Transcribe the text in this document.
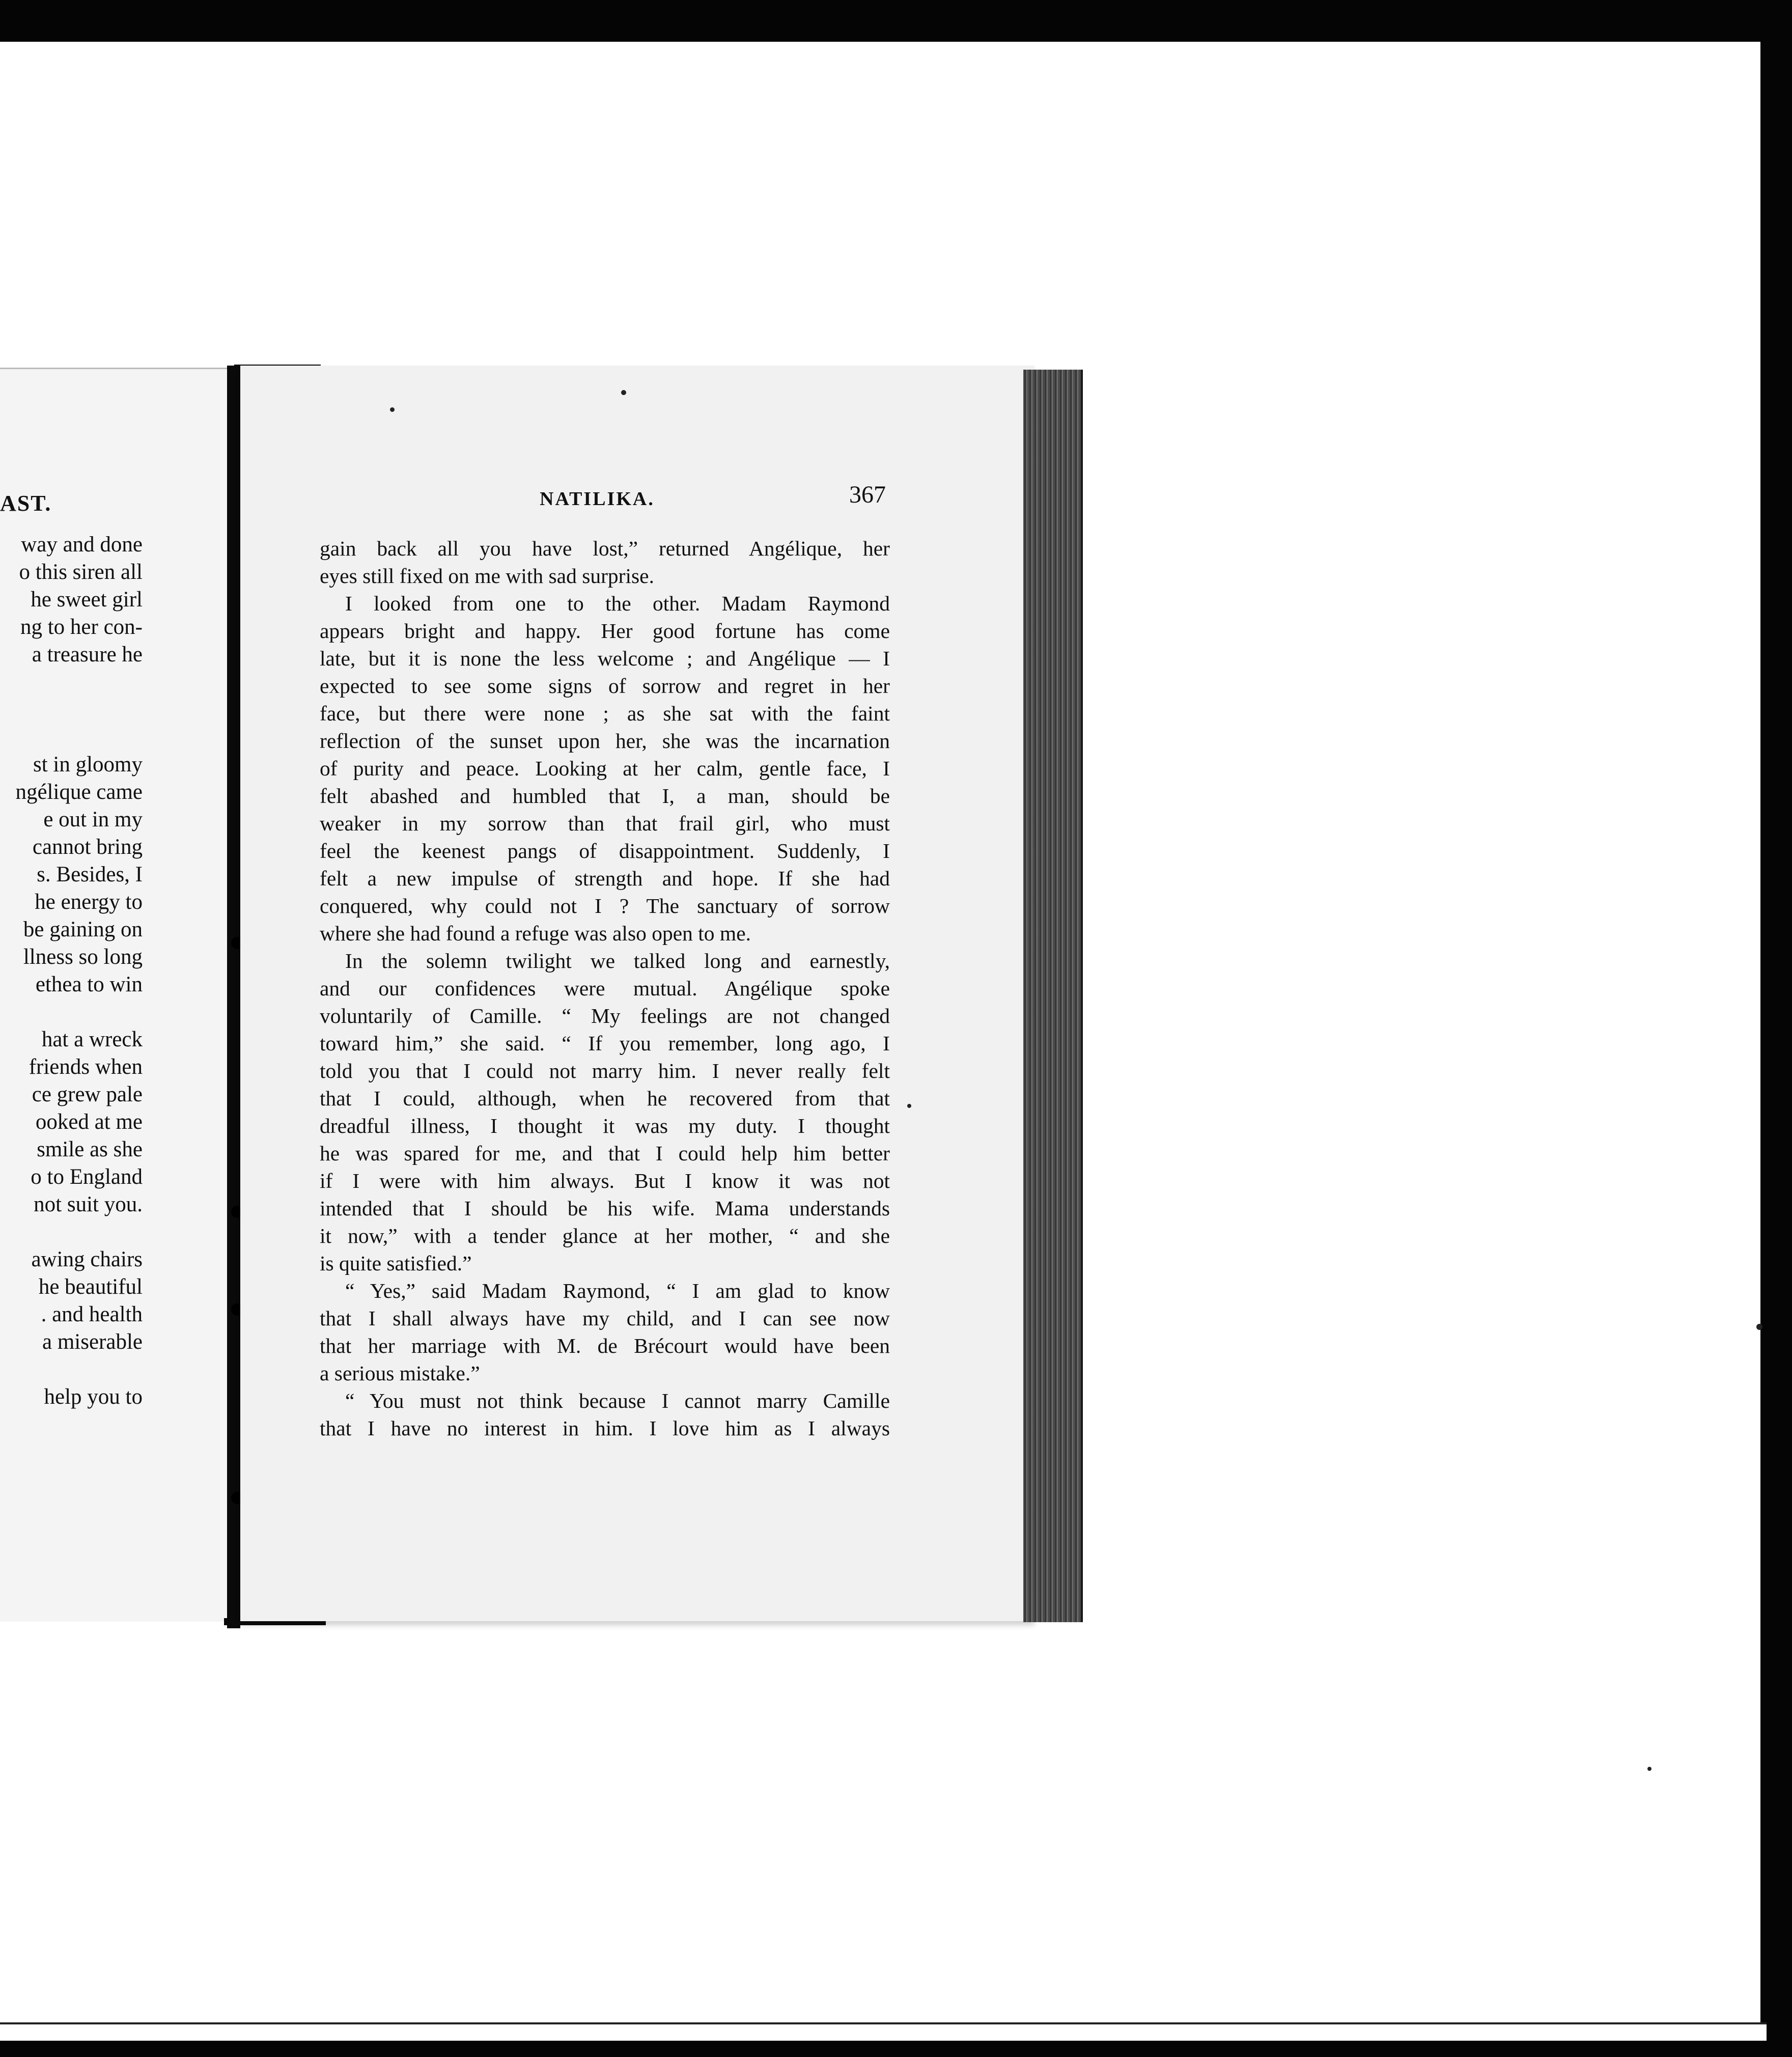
AST.
way and done
o this siren all
he sweet girl
ng to her con-
a treasure he
st in gloomy
ngélique came
e out in my
cannot bring
s. Besides, I
he energy to
be gaining on
llness so long
ethea to win
hat a wreck
friends when
ce grew pale
ooked at me
smile as she
o to England
not suit you.
awing chairs
he beautiful
. and health
a miserable
help you to
NATILIKA.	367
gain back all you have lost,” returned Angélique, her
eyes still fixed on me with sad surprise.
I looked from one to the other. Madam Raymond
appears bright and happy. Her good fortune has come
late, but it is none the less welcome ; and Angélique — I
expected to see some signs of sorrow and regret in her
face, but there were none ; as she sat with the faint
reflection of the sunset upon her, she was the incarnation
of purity and peace. Looking at her calm, gentle face, I
felt abashed and humbled that I, a man, should be
weaker in my sorrow than that frail girl, who must
feel the keenest pangs of disappointment. Suddenly, I
felt a new impulse of strength and hope. If she had
conquered, why could not I ? The sanctuary of sorrow
where she had found a refuge was also open to me.
In the solemn twilight we talked long and earnestly,
and our confidences were mutual. Angélique spoke
voluntarily of Camille. “ My feelings are not changed
toward him,” she said. “ If you remember, long ago, I
told you that I could not marry him. I never really felt
that I could, although, when he recovered from that
dreadful illness, I thought it was my duty. I thought
he was spared for me, and that I could help him better
if I were with him always. But I know it was not
intended that I should be his wife. Mama understands
it now,” with a tender glance at her mother, “ and she
is quite satisfied.”
“ Yes,” said Madam Raymond, “ I am glad to know
that I shall always have my child, and I can see now
that her marriage with M. de Brécourt would have been
a serious mistake.”
“ You must not think because I cannot marry Camille
that I have no interest in him. I love him as I always
